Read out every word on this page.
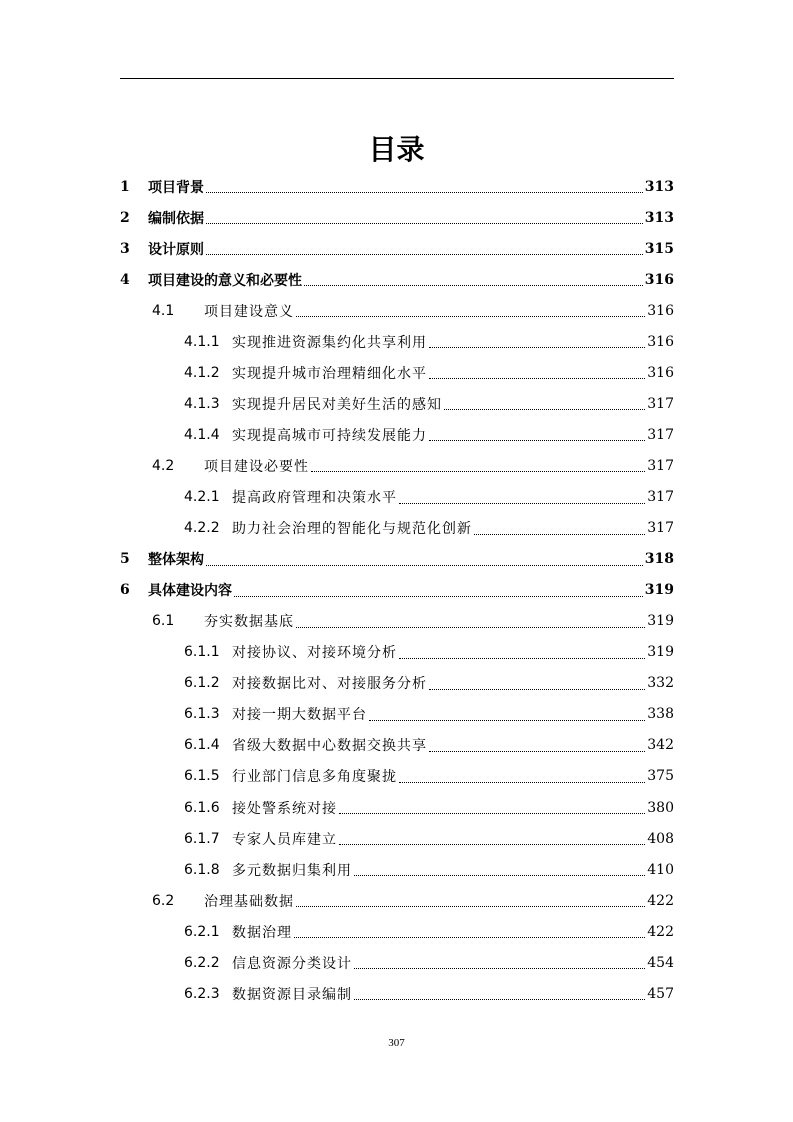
目录
1	项目背景	313
2	编制依据	313
3	设计原则	315
4	项目建设的意义和必要性	316
4.1	项目建设意义	316
4.1.1 实现推进资源集约化共享利用	316
4.1.2 实现提升城市治理精细化水平	316
4.1.3 实现提升居民对美好生活的感知	317
4.1.4 实现提高城市可持续发展能力	317
4.2	项目建设必要性	317
4.2.1 提高政府管理和决策水平	317
4.2.2 助力社会治理的智能化与规范化创新	317
5	整体架构	318
6	具体建设内容	319
6.1	夯实数据基底	319
6.1.1 对接协议、对接环境分析	319
6.1.2 对接数据比对、对接服务分析	332
6.1.3 对接一期大数据平台	338
6.1.4 省级大数据中心数据交换共享	342
6.1.5 行业部门信息多角度聚拢	375
6.1.6 接处警系统对接	380
6.1.7 专家人员库建立	408
6.1.8 多元数据归集利用	410
6.2	治理基础数据	422
6.2.1 数据治理	422
6.2.2 信息资源分类设计	454
6.2.3 数据资源目录编制	457
307
